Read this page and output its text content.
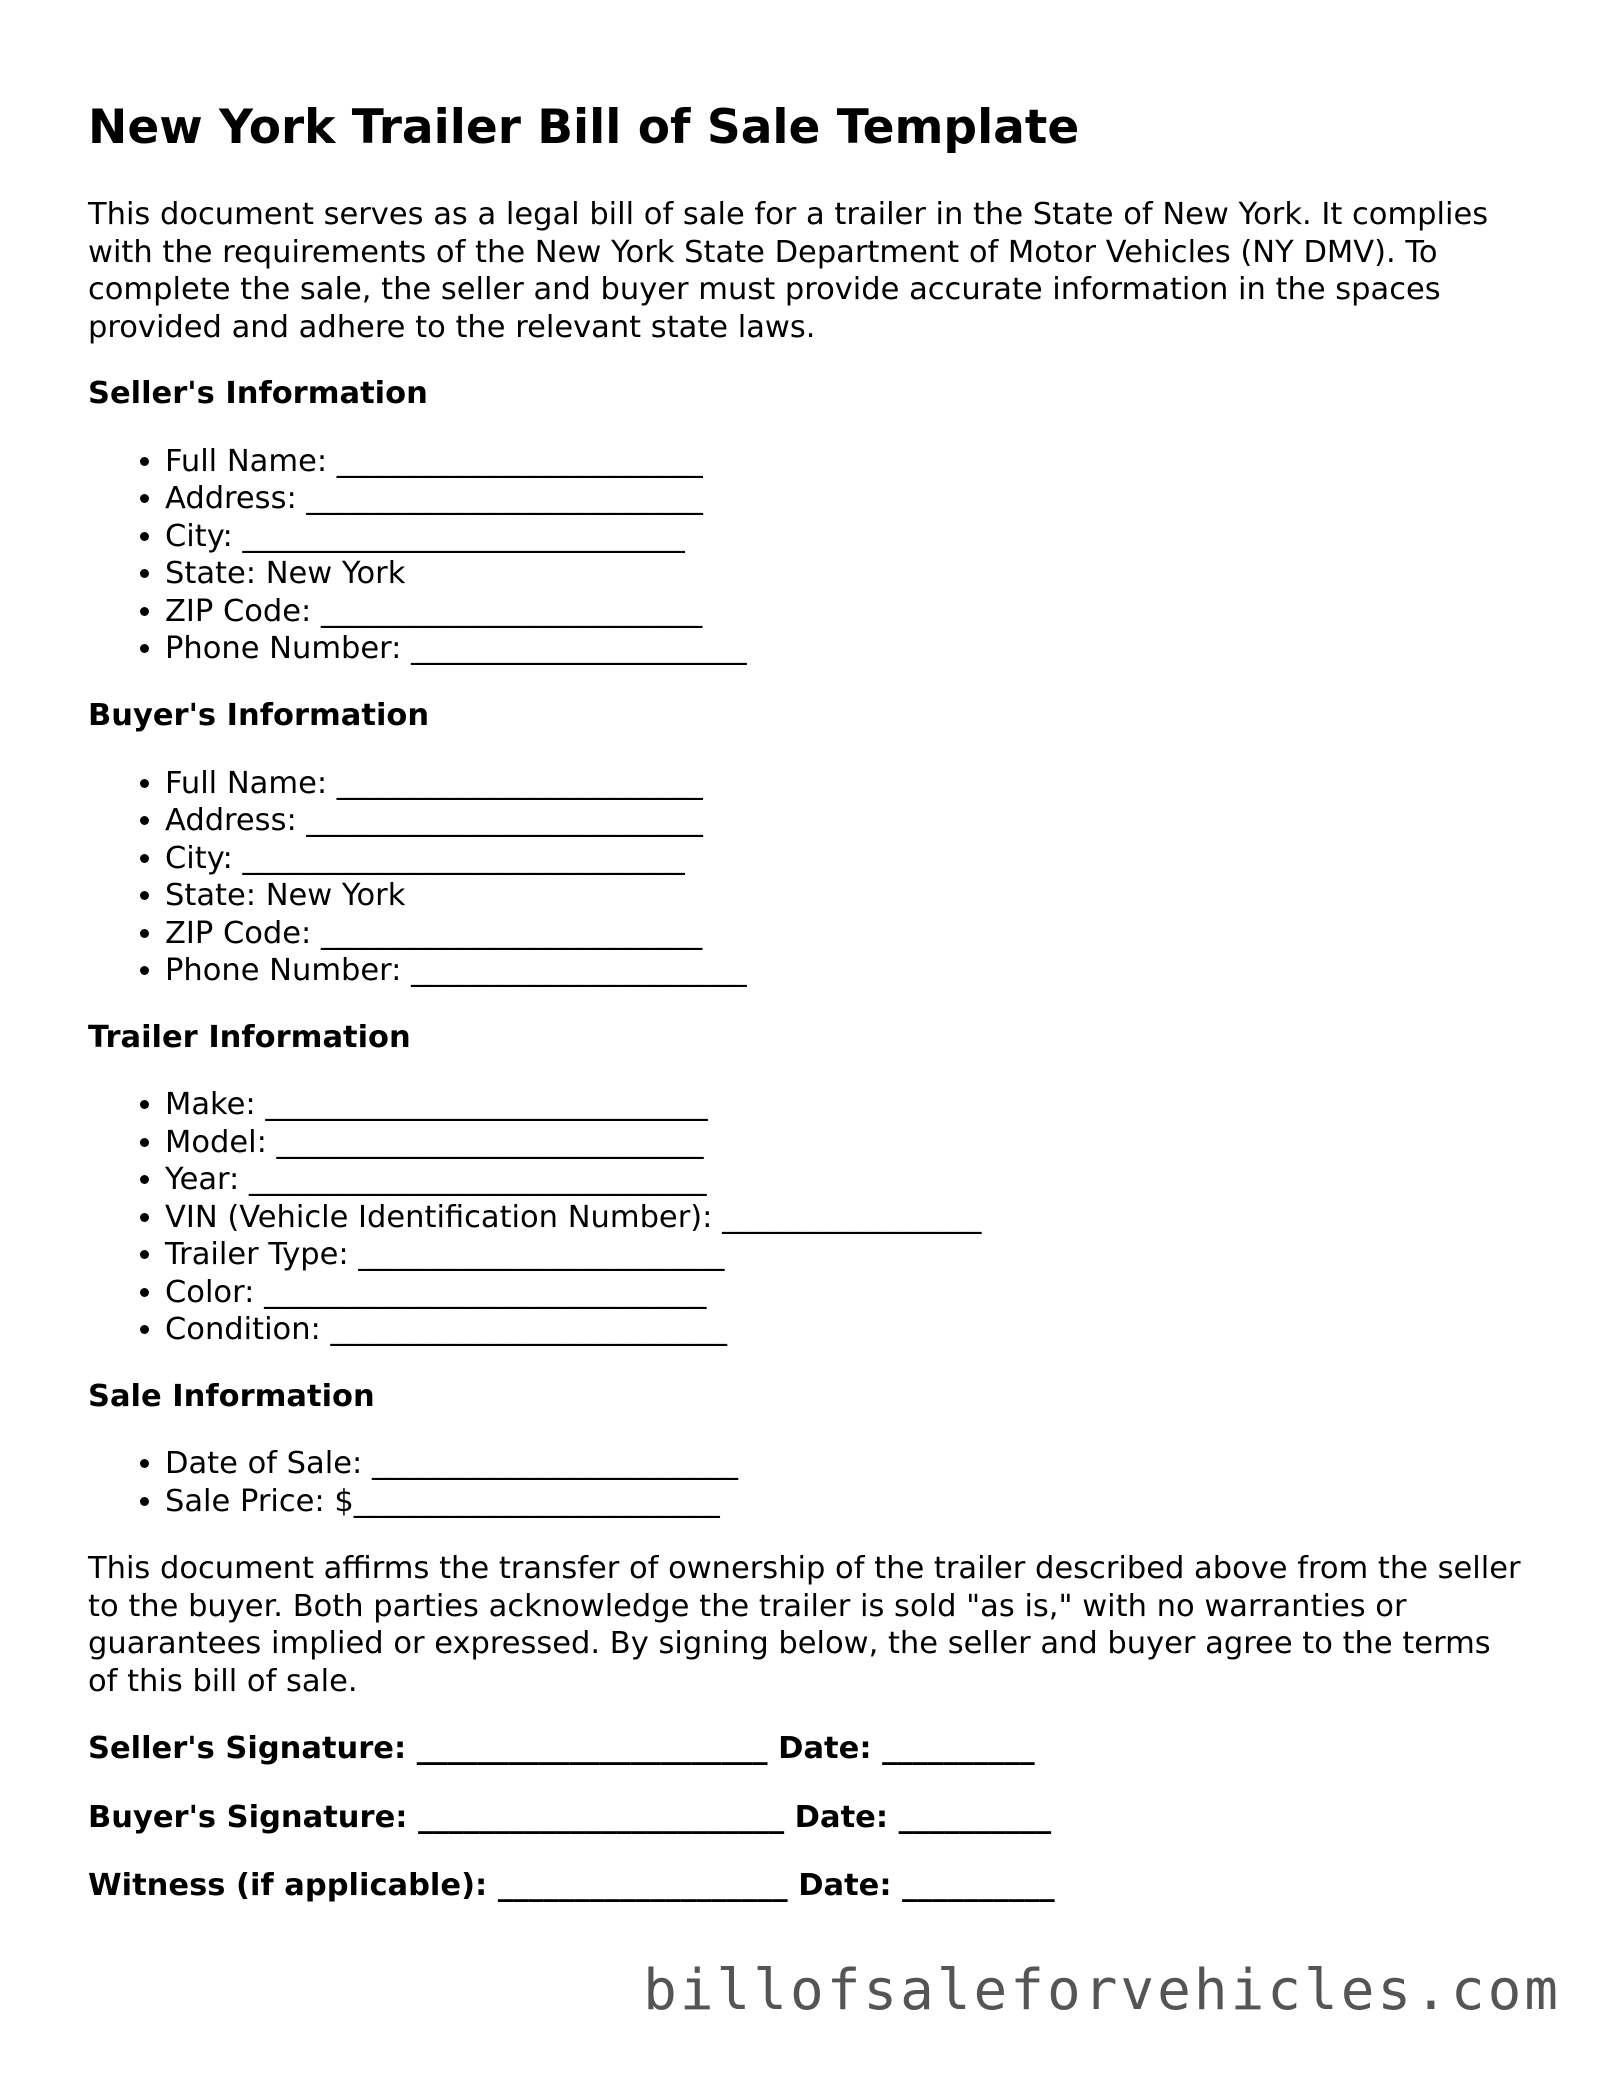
New York Trailer Bill of Sale Template

This document serves as a legal bill of sale for a trailer in the State of New York. It complies with the requirements of the New York State Department of Motor Vehicles (NY DMV). To complete the sale, the seller and buyer must provide accurate information in the spaces provided and adhere to the relevant state laws.

Seller's Information
• Full Name: ________________________
• Address: __________________________
• City: _____________________________
• State: New York
• ZIP Code: _________________________
• Phone Number: ______________________
Buyer's Information
• Full Name: ________________________
• Address: __________________________
• City: _____________________________
• State: New York
• ZIP Code: _________________________
• Phone Number: ______________________
Trailer Information
• Make: _____________________________
• Model: ____________________________
• Year: ______________________________
• VIN (Vehicle Identification Number): _________________
• Trailer Type: ________________________
• Color: _____________________________
• Condition: __________________________
Sale Information
• Date of Sale: ________________________
• Sale Price: $________________________

This document affirms the transfer of ownership of the trailer described above from the seller to the buyer. Both parties acknowledge the trailer is sold "as is," with no warranties or guarantees implied or expressed. By signing below, the seller and buyer agree to the terms of this bill of sale.

Seller's Signature: _______________________ Date: __________
Buyer's Signature: ________________________ Date: __________
Witness (if applicable): ___________________ Date: __________
billofsaleforvehicles.com
